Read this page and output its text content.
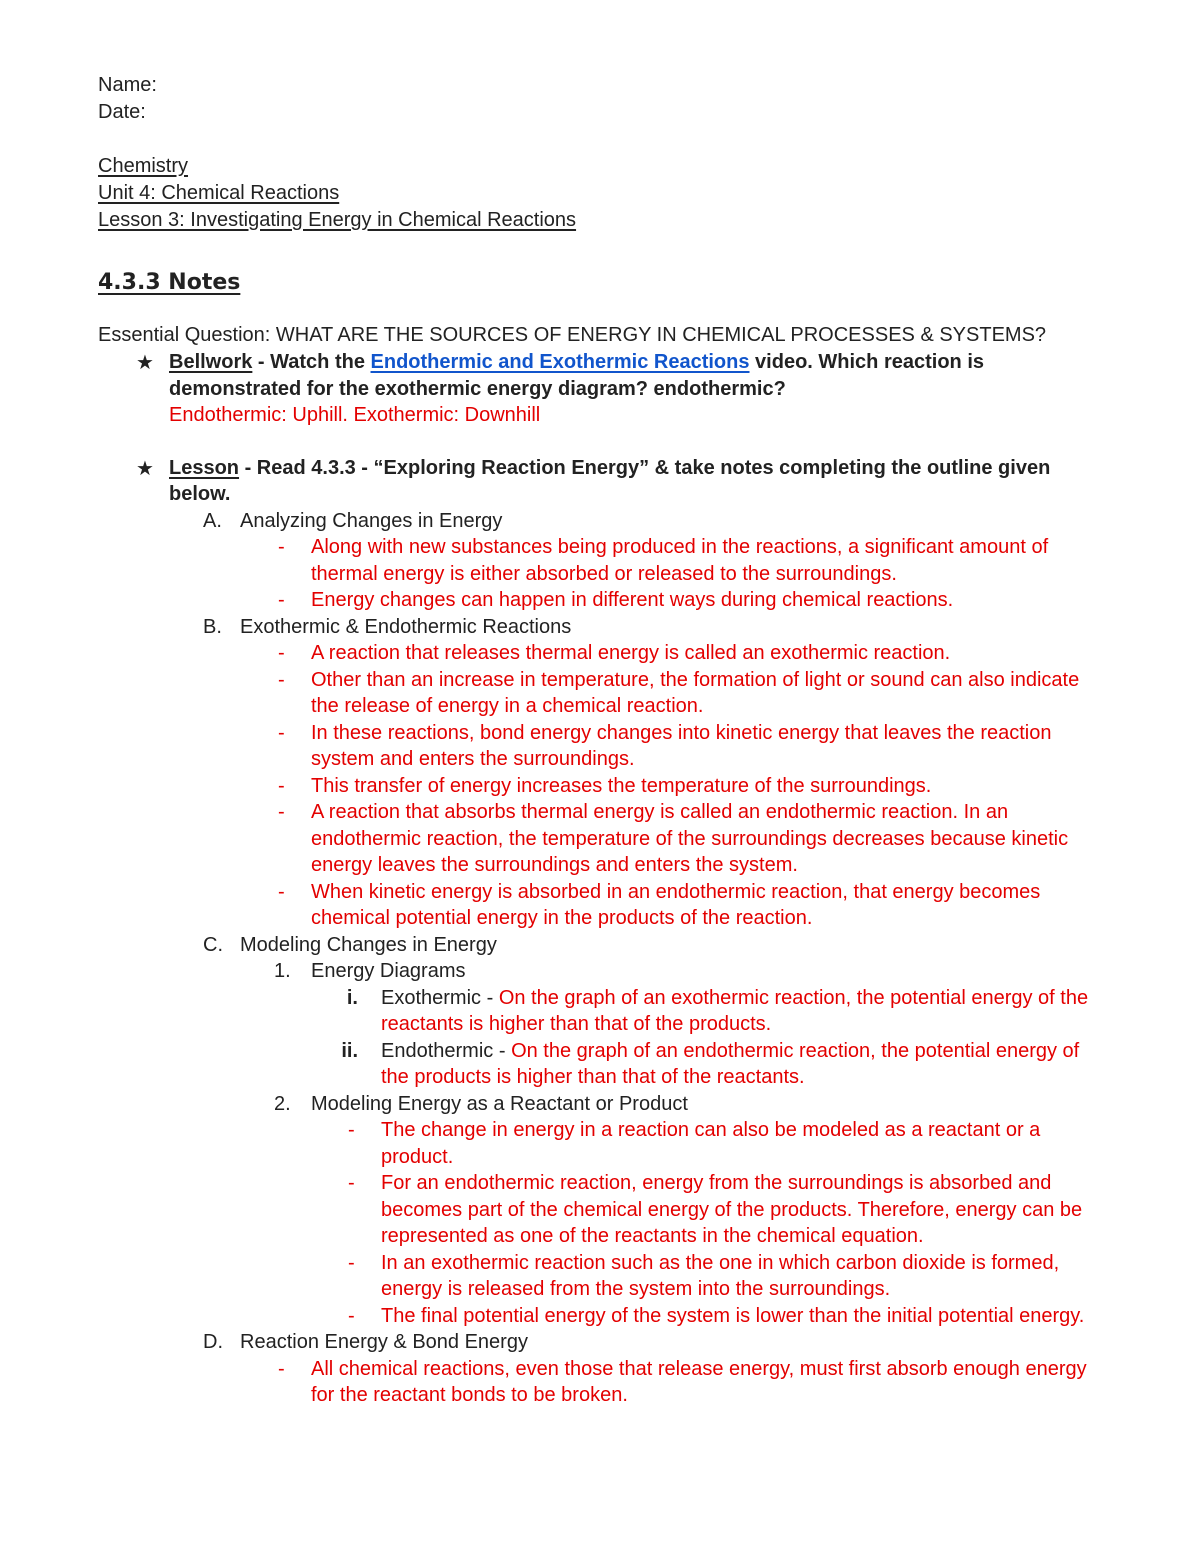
Name:

Date:

Chemistry

Unit 4: Chemical Reactions

Lesson 3: Investigating Energy in Chemical Reactions

4.3.3 Notes
Essential Question: WHAT ARE THE SOURCES OF ENERGY IN CHEMICAL PROCESSES & SYSTEMS?
★ Bellwork - Watch the Endothermic and Exothermic Reactions video. Which reaction is demonstrated for the exothermic energy diagram? endothermic?
Endothermic: Uphill. Exothermic: Downhill
★ Lesson - Read 4.3.3 - “Exploring Reaction Energy” & take notes completing the outline given below.
A. Analyzing Changes in Energy
- Along with new substances being produced in the reactions, a significant amount of thermal energy is either absorbed or released to the surroundings.
- Energy changes can happen in different ways during chemical reactions.
B. Exothermic & Endothermic Reactions
- A reaction that releases thermal energy is called an exothermic reaction.
- Other than an increase in temperature, the formation of light or sound can also indicate the release of energy in a chemical reaction.
- In these reactions, bond energy changes into kinetic energy that leaves the reaction system and enters the surroundings.
- This transfer of energy increases the temperature of the surroundings.
- A reaction that absorbs thermal energy is called an endothermic reaction. In an endothermic reaction, the temperature of the surroundings decreases because kinetic energy leaves the surroundings and enters the system.
- When kinetic energy is absorbed in an endothermic reaction, that energy becomes chemical potential energy in the products of the reaction.
C. Modeling Changes in Energy
1. Energy Diagrams
i. Exothermic - On the graph of an exothermic reaction, the potential energy of the reactants is higher than that of the products.
ii. Endothermic - On the graph of an endothermic reaction, the potential energy of the products is higher than that of the reactants.
2. Modeling Energy as a Reactant or Product
- The change in energy in a reaction can also be modeled as a reactant or a product.
- For an endothermic reaction, energy from the surroundings is absorbed and becomes part of the chemical energy of the products. Therefore, energy can be represented as one of the reactants in the chemical equation.
- In an exothermic reaction such as the one in which carbon dioxide is formed, energy is released from the system into the surroundings.
- The final potential energy of the system is lower than the initial potential energy.
D. Reaction Energy & Bond Energy
- All chemical reactions, even those that release energy, must first absorb enough energy for the reactant bonds to be broken.
